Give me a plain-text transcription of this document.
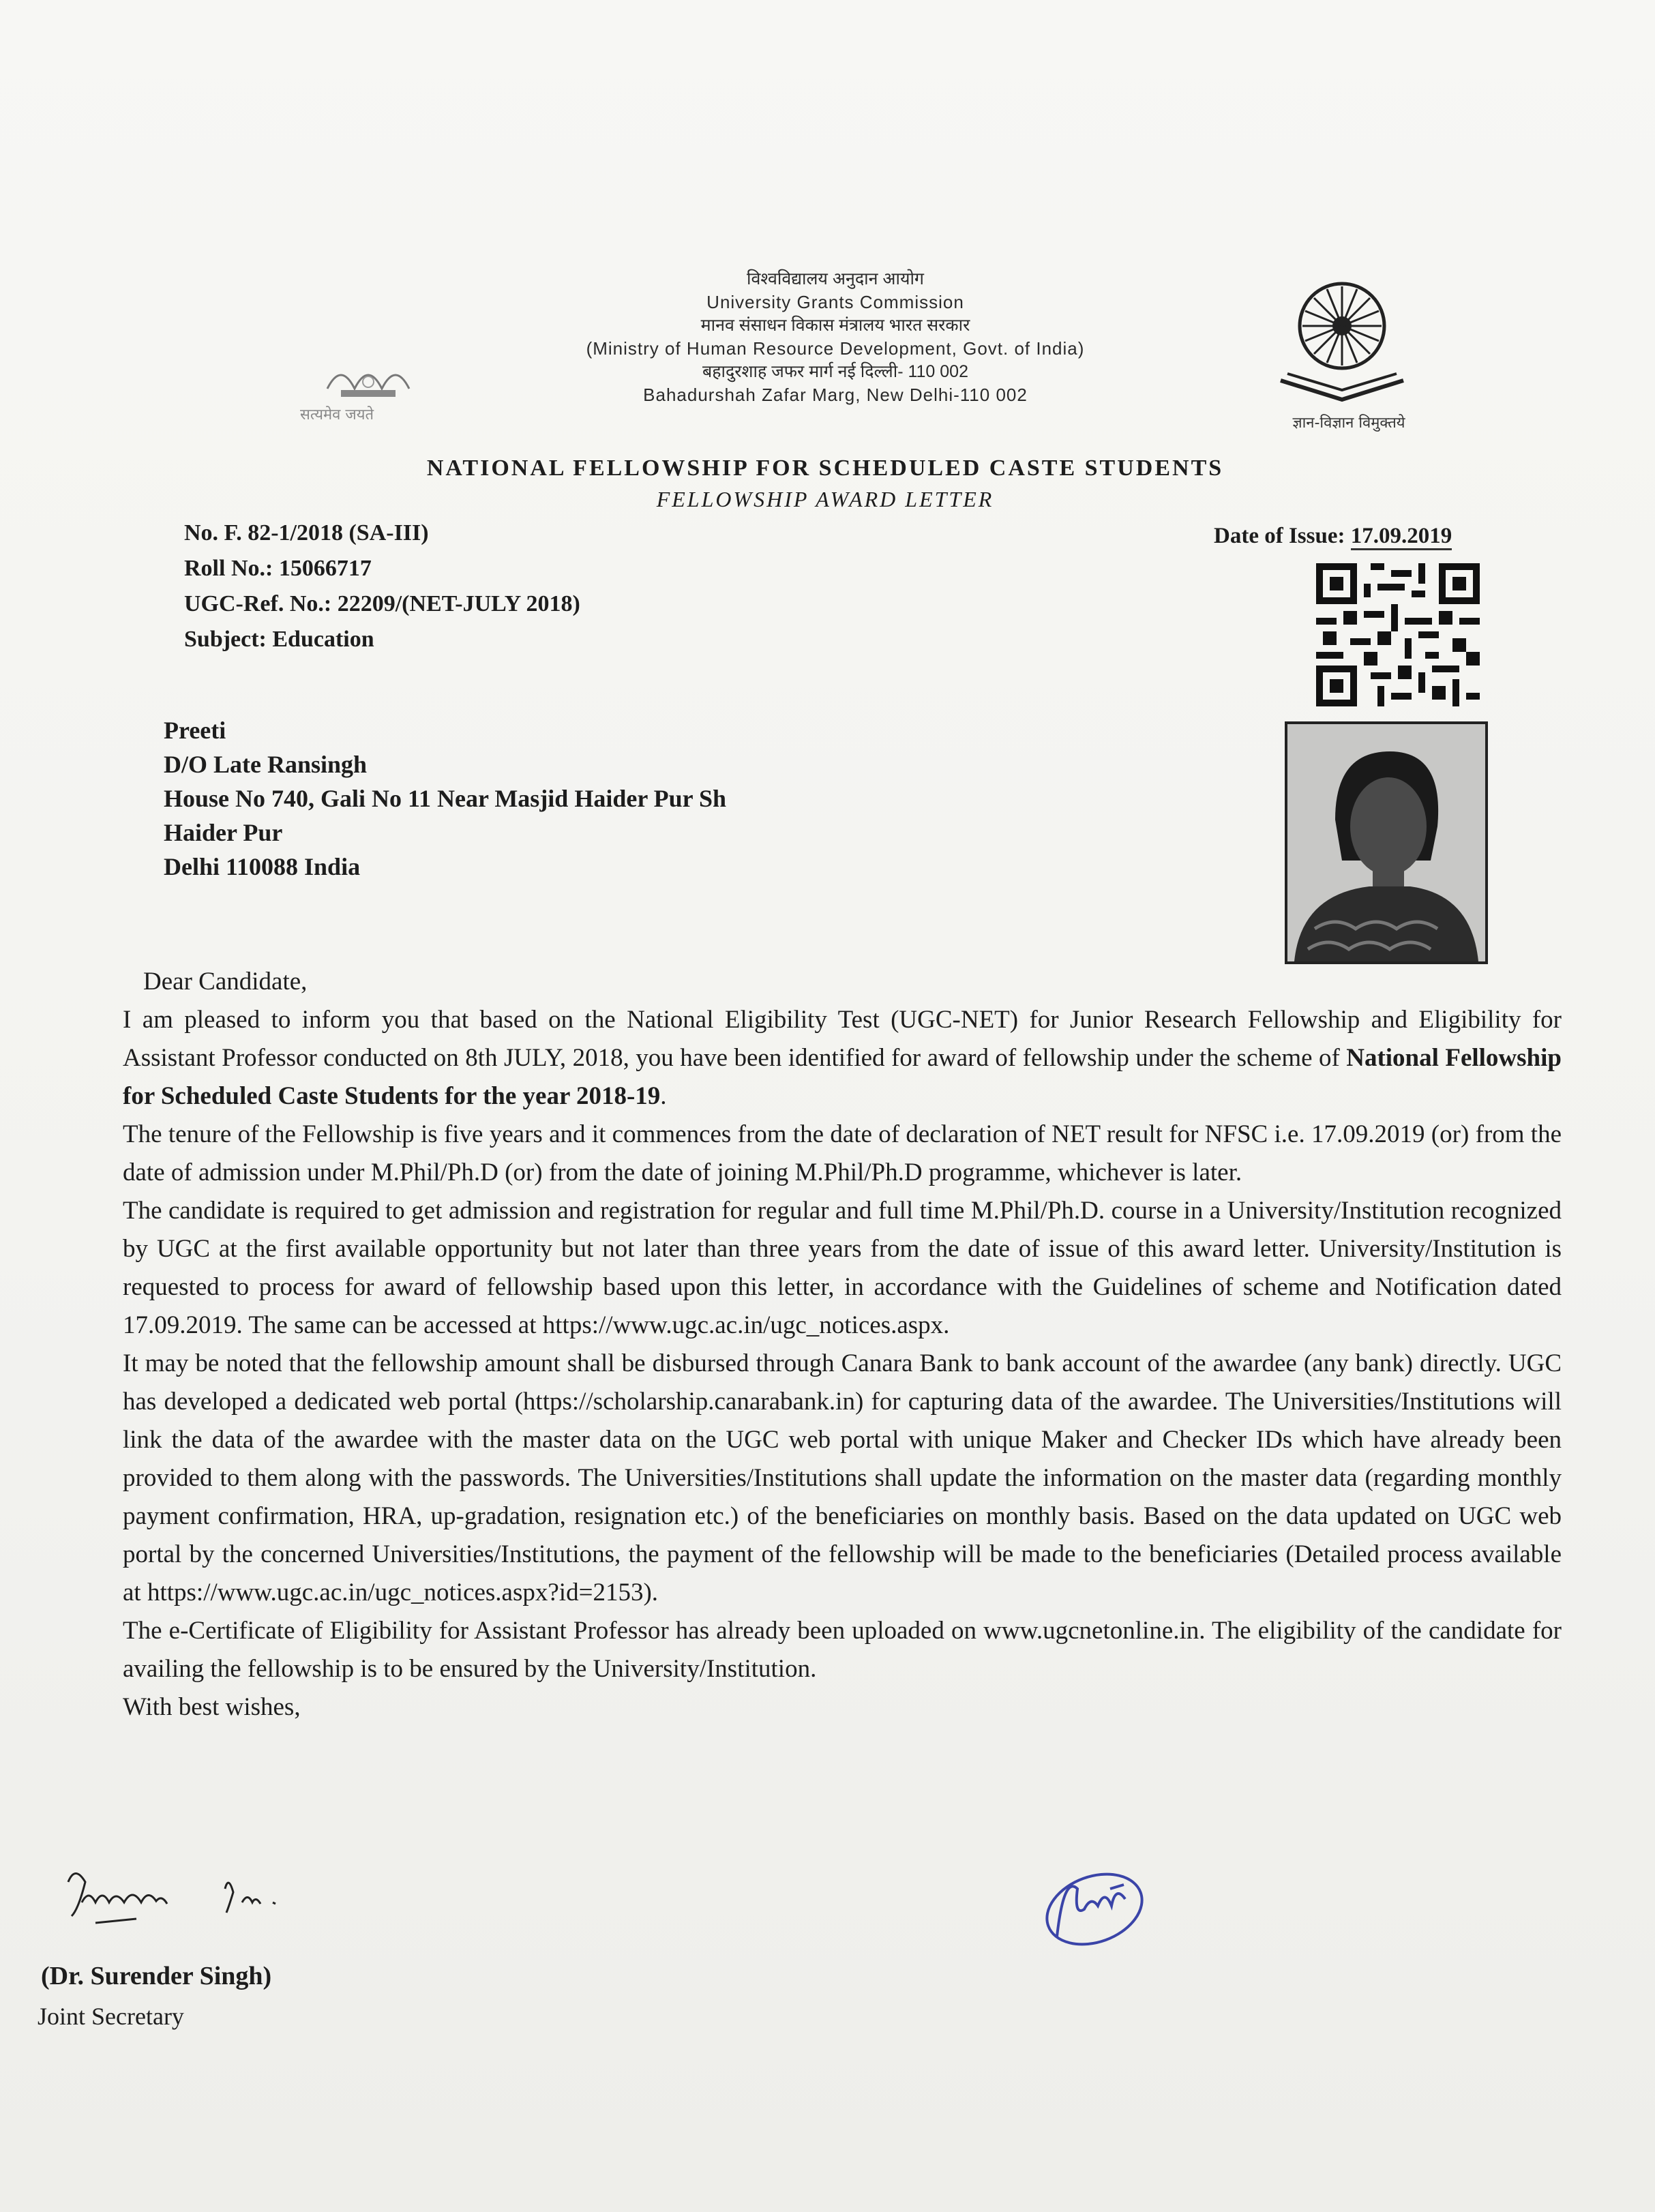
सत्यमेव जयते
विश्वविद्यालय अनुदान आयोग
University Grants Commission
मानव संसाधन विकास मंत्रालय भारत सरकार
(Ministry of Human Resource Development, Govt. of India)
बहादुरशाह जफर मार्ग नई दिल्ली- 110 002
Bahadurshah Zafar Marg, New Delhi-110 002
ज्ञान-विज्ञान विमुक्तये
NATIONAL FELLOWSHIP FOR SCHEDULED CASTE STUDENTS
FELLOWSHIP AWARD LETTER
No. F. 82-1/2018 (SA-III)
Roll No.: 15066717
UGC-Ref. No.: 22209/(NET-JULY 2018)
Subject: Education
Date of Issue: 17.09.2019
Preeti
D/O Late Ransingh
House No 740, Gali No 11 Near Masjid Haider Pur Sh
Haider Pur
Delhi 110088 India

Dear Candidate,

I am pleased to inform you that based on the National Eligibility Test (UGC-NET) for Junior Research Fellowship and Eligibility for Assistant Professor conducted on 8th JULY, 2018, you have been identified for award of fellowship under the scheme of National Fellowship for Scheduled Caste Students for the year 2018-19.

The tenure of the Fellowship is five years and it commences from the date of declaration of NET result for NFSC i.e. 17.09.2019 (or) from the date of admission under M.Phil/Ph.D (or) from the date of joining M.Phil/Ph.D programme, whichever is later.

The candidate is required to get admission and registration for regular and full time M.Phil/Ph.D. course in a University/Institution recognized by UGC at the first available opportunity but not later than three years from the date of issue of this award letter. University/Institution is requested to process for award of fellowship based upon this letter, in accordance with the Guidelines of scheme and Notification dated 17.09.2019. The same can be accessed at https://www.ugc.ac.in/ugc_notices.aspx.

It may be noted that the fellowship amount shall be disbursed through Canara Bank to bank account of the awardee (any bank) directly. UGC has developed a dedicated web portal (https://scholarship.canarabank.in) for capturing data of the awardee. The Universities/Institutions will link the data of the awardee with the master data on the UGC web portal with unique Maker and Checker IDs which have already been provided to them along with the passwords. The Universities/Institutions shall update the information on the master data (regarding monthly payment confirmation, HRA, up-gradation, resignation etc.) of the beneficiaries on monthly basis. Based on the data updated on UGC web portal by the concerned Universities/Institutions, the payment of the fellowship will be made to the beneficiaries (Detailed process available at https://www.ugc.ac.in/ugc_notices.aspx?id=2153).

The e-Certificate of Eligibility for Assistant Professor has already been uploaded on www.ugcnetonline.in. The eligibility of the candidate for availing the fellowship is to be ensured by the University/Institution.

With best wishes,

(Dr. Surender Singh)
Joint Secretary
